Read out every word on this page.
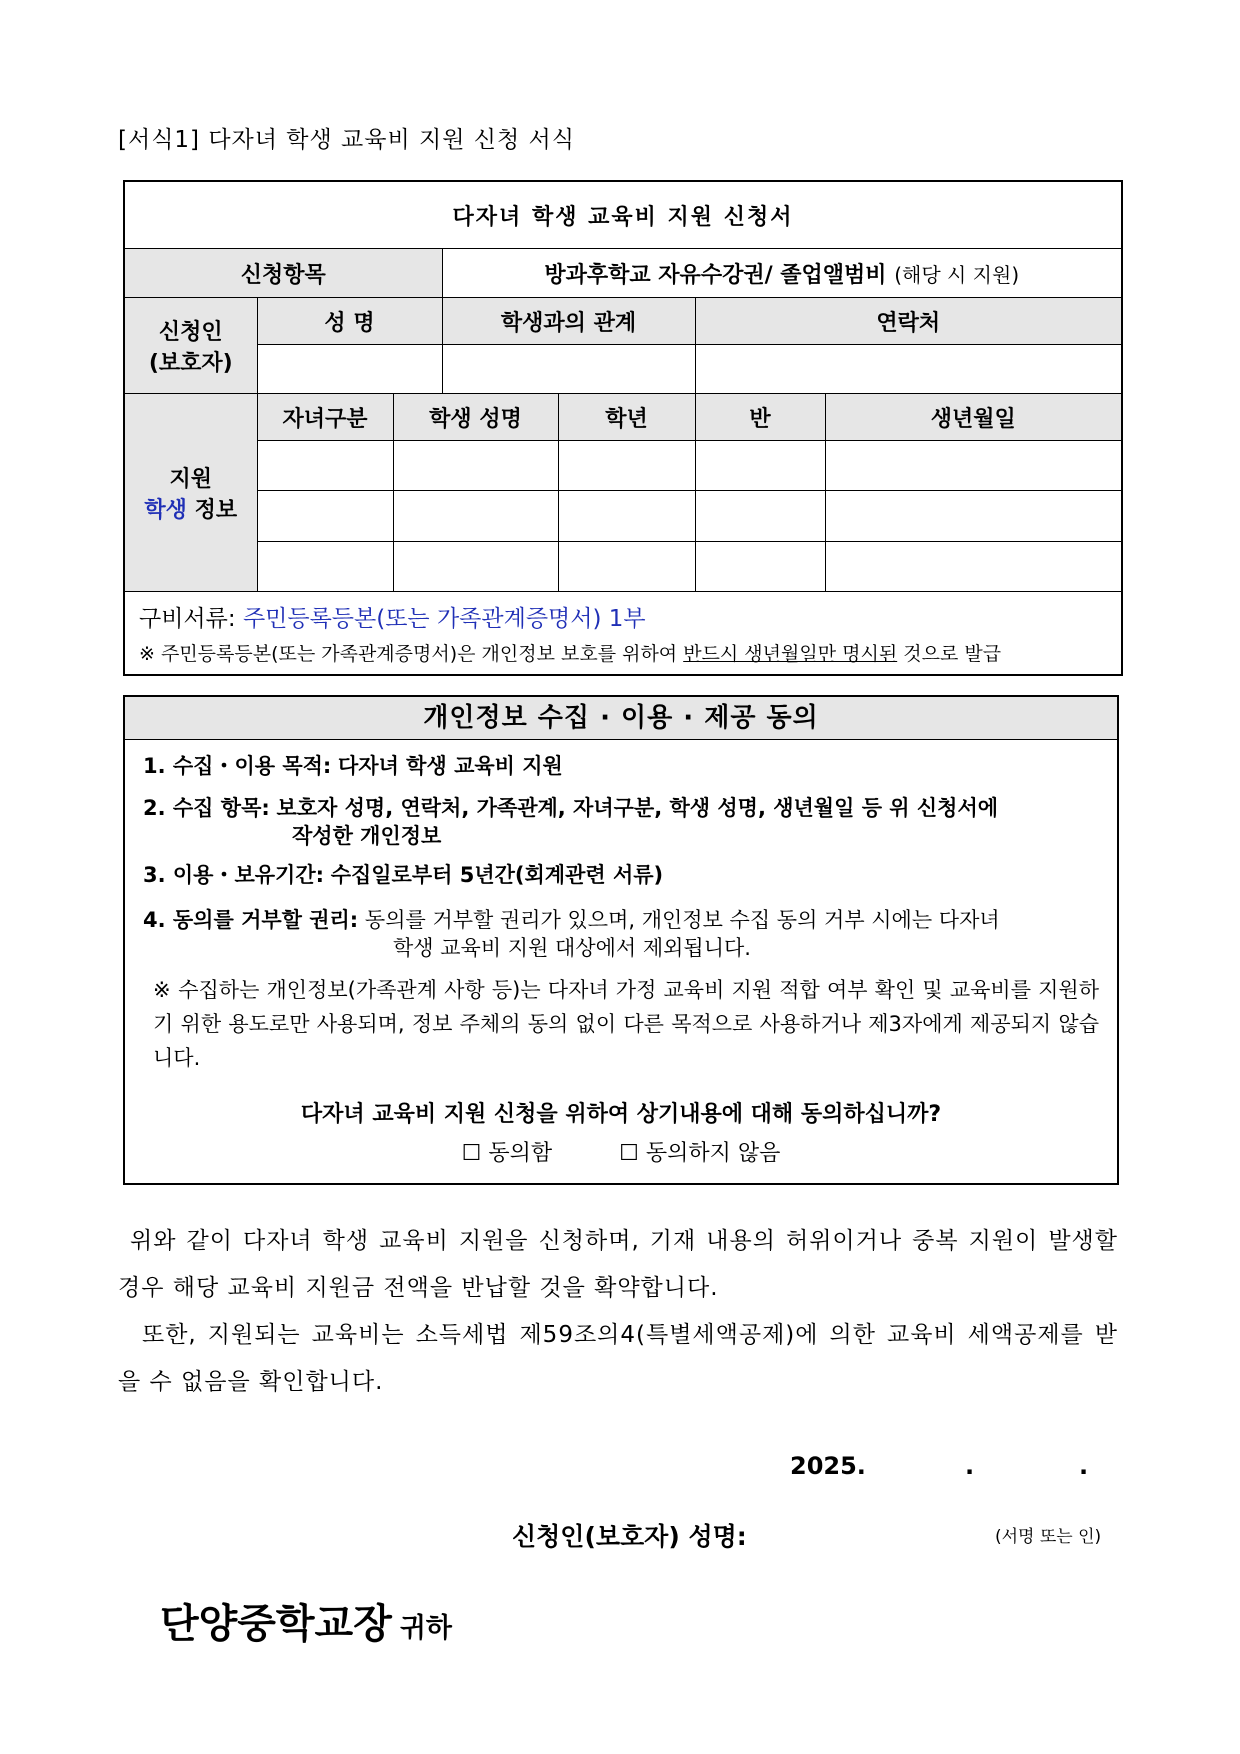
[서식1] 다자녀 학생 교육비 지원 신청 서식
다자녀 학생 교육비 지원 신청서						
신청항목			방과후학교 자유수강권/ 졸업앨범비 (해당 시 지원)			

신청인
(보호자)	성 명		학생과의 관계		연락처	

지원
학생 정보	자녀구분	학생 성명		학년	반	생년월일

구비서류: 주민등록등본(또는 가족관계증명서) 1부
※ 주민등록등본(또는 가족관계증명서)은 개인정보 보호를 위하여 반드시 생년월일만 명시된 것으로 발급						
개인정보 수집 · 이용 · 제공 동의
1. 수집・이용 목적: 다자녀 학생 교육비 지원
2. 수집 항목: 보호자 성명, 연락처, 가족관계, 자녀구분, 학생 성명, 생년월일 등 위 신청서에
작성한 개인정보
3. 이용・보유기간: 수집일로부터 5년간(회계관련 서류)
4. 동의를 거부할 권리: 동의를 거부할 권리가 있으며, 개인정보 수집 동의 거부 시에는 다자녀
학생 교육비 지원 대상에서 제외됩니다.
※ 수집하는 개인정보(가족관계 사항 등)는 다자녀 가정 교육비 지원 적합 여부 확인 및 교육비를 지원하기 위한 용도로만 사용되며, 정보 주체의 동의 없이 다른 목적으로 사용하거나 제3자에게 제공되지 않습니다.
다자녀 교육비 지원 신청을 위하여 상기내용에 대해 동의하십니까?
☐ 동의함	☐ 동의하지 않음
위와 같이 다자녀 학생 교육비 지원을 신청하며, 기재 내용의 허위이거나 중복 지원이 발생할 경우 해당 교육비 지원금 전액을 반납할 것을 확약합니다.
또한, 지원되는 교육비는 소득세법 제59조의4(특별세액공제)에 의한 교육비 세액공제를 받을 수 없음을 확인합니다.
2025.	.	.
신청인(보호자) 성명:	(서명 또는 인)
단양중학교장 귀하
